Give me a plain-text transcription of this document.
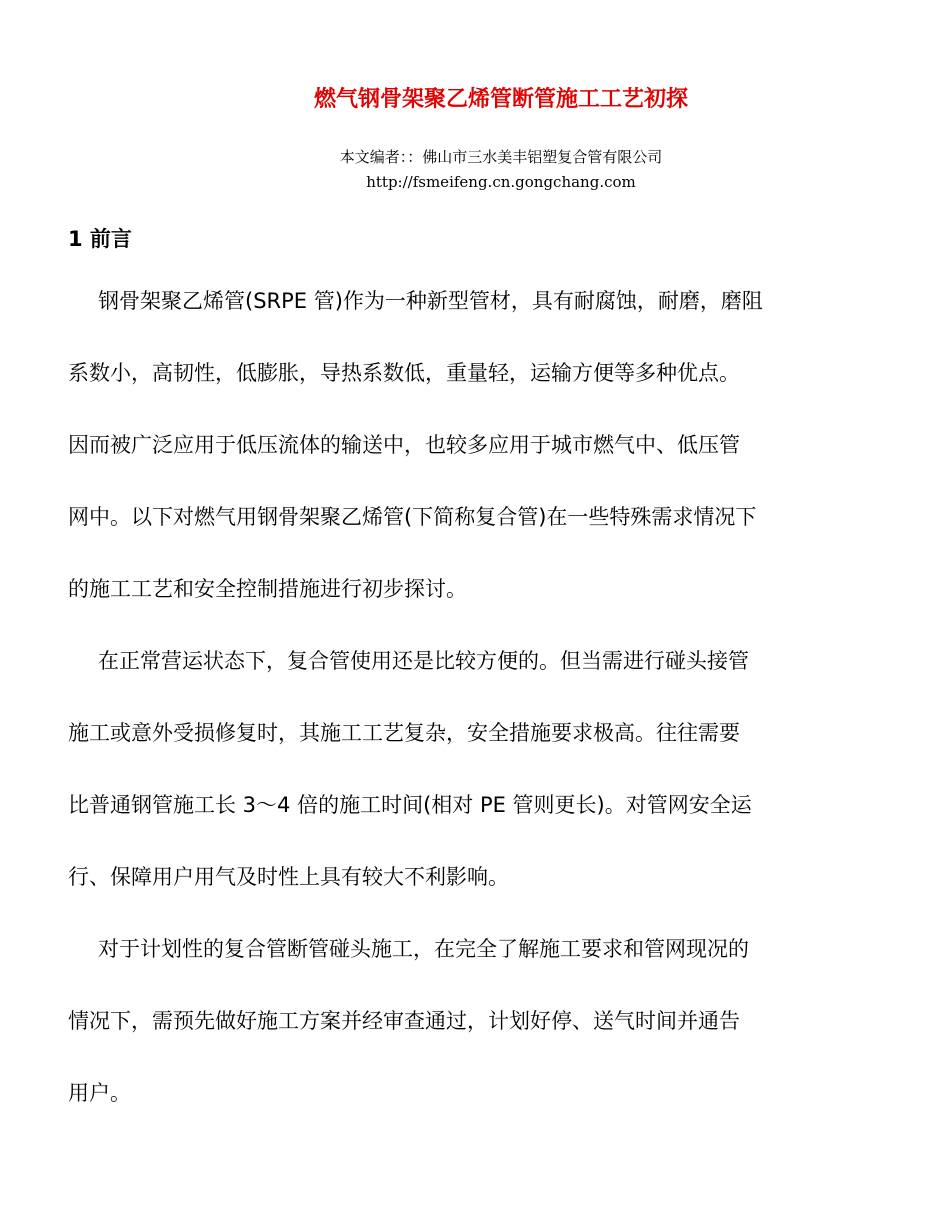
燃气钢骨架聚乙烯管断管施工工艺初探
本文编者：：佛山市三水美丰铝塑复合管有限公司
http://fsmeifeng.cn.gongchang.com
1 前言
钢骨架聚乙烯管(SRPE 管)作为一种新型管材，具有耐腐蚀，耐磨，磨阻
系数小，高韧性，低膨胀，导热系数低，重量轻，运输方便等多种优点。
因而被广泛应用于低压流体的输送中，也较多应用于城市燃气中、低压管
网中。以下对燃气用钢骨架聚乙烯管(下简称复合管)在一些特殊需求情况下
的施工工艺和安全控制措施进行初步探讨。
在正常营运状态下，复合管使用还是比较方便的。但当需进行碰头接管
施工或意外受损修复时，其施工工艺复杂，安全措施要求极高。往往需要
比普通钢管施工长 3～4 倍的施工时间(相对 PE 管则更长)。对管网安全运
行、保障用户用气及时性上具有较大不利影响。
对于计划性的复合管断管碰头施工，在完全了解施工要求和管网现况的
情况下，需预先做好施工方案并经审查通过，计划好停、送气时间并通告
用户。
